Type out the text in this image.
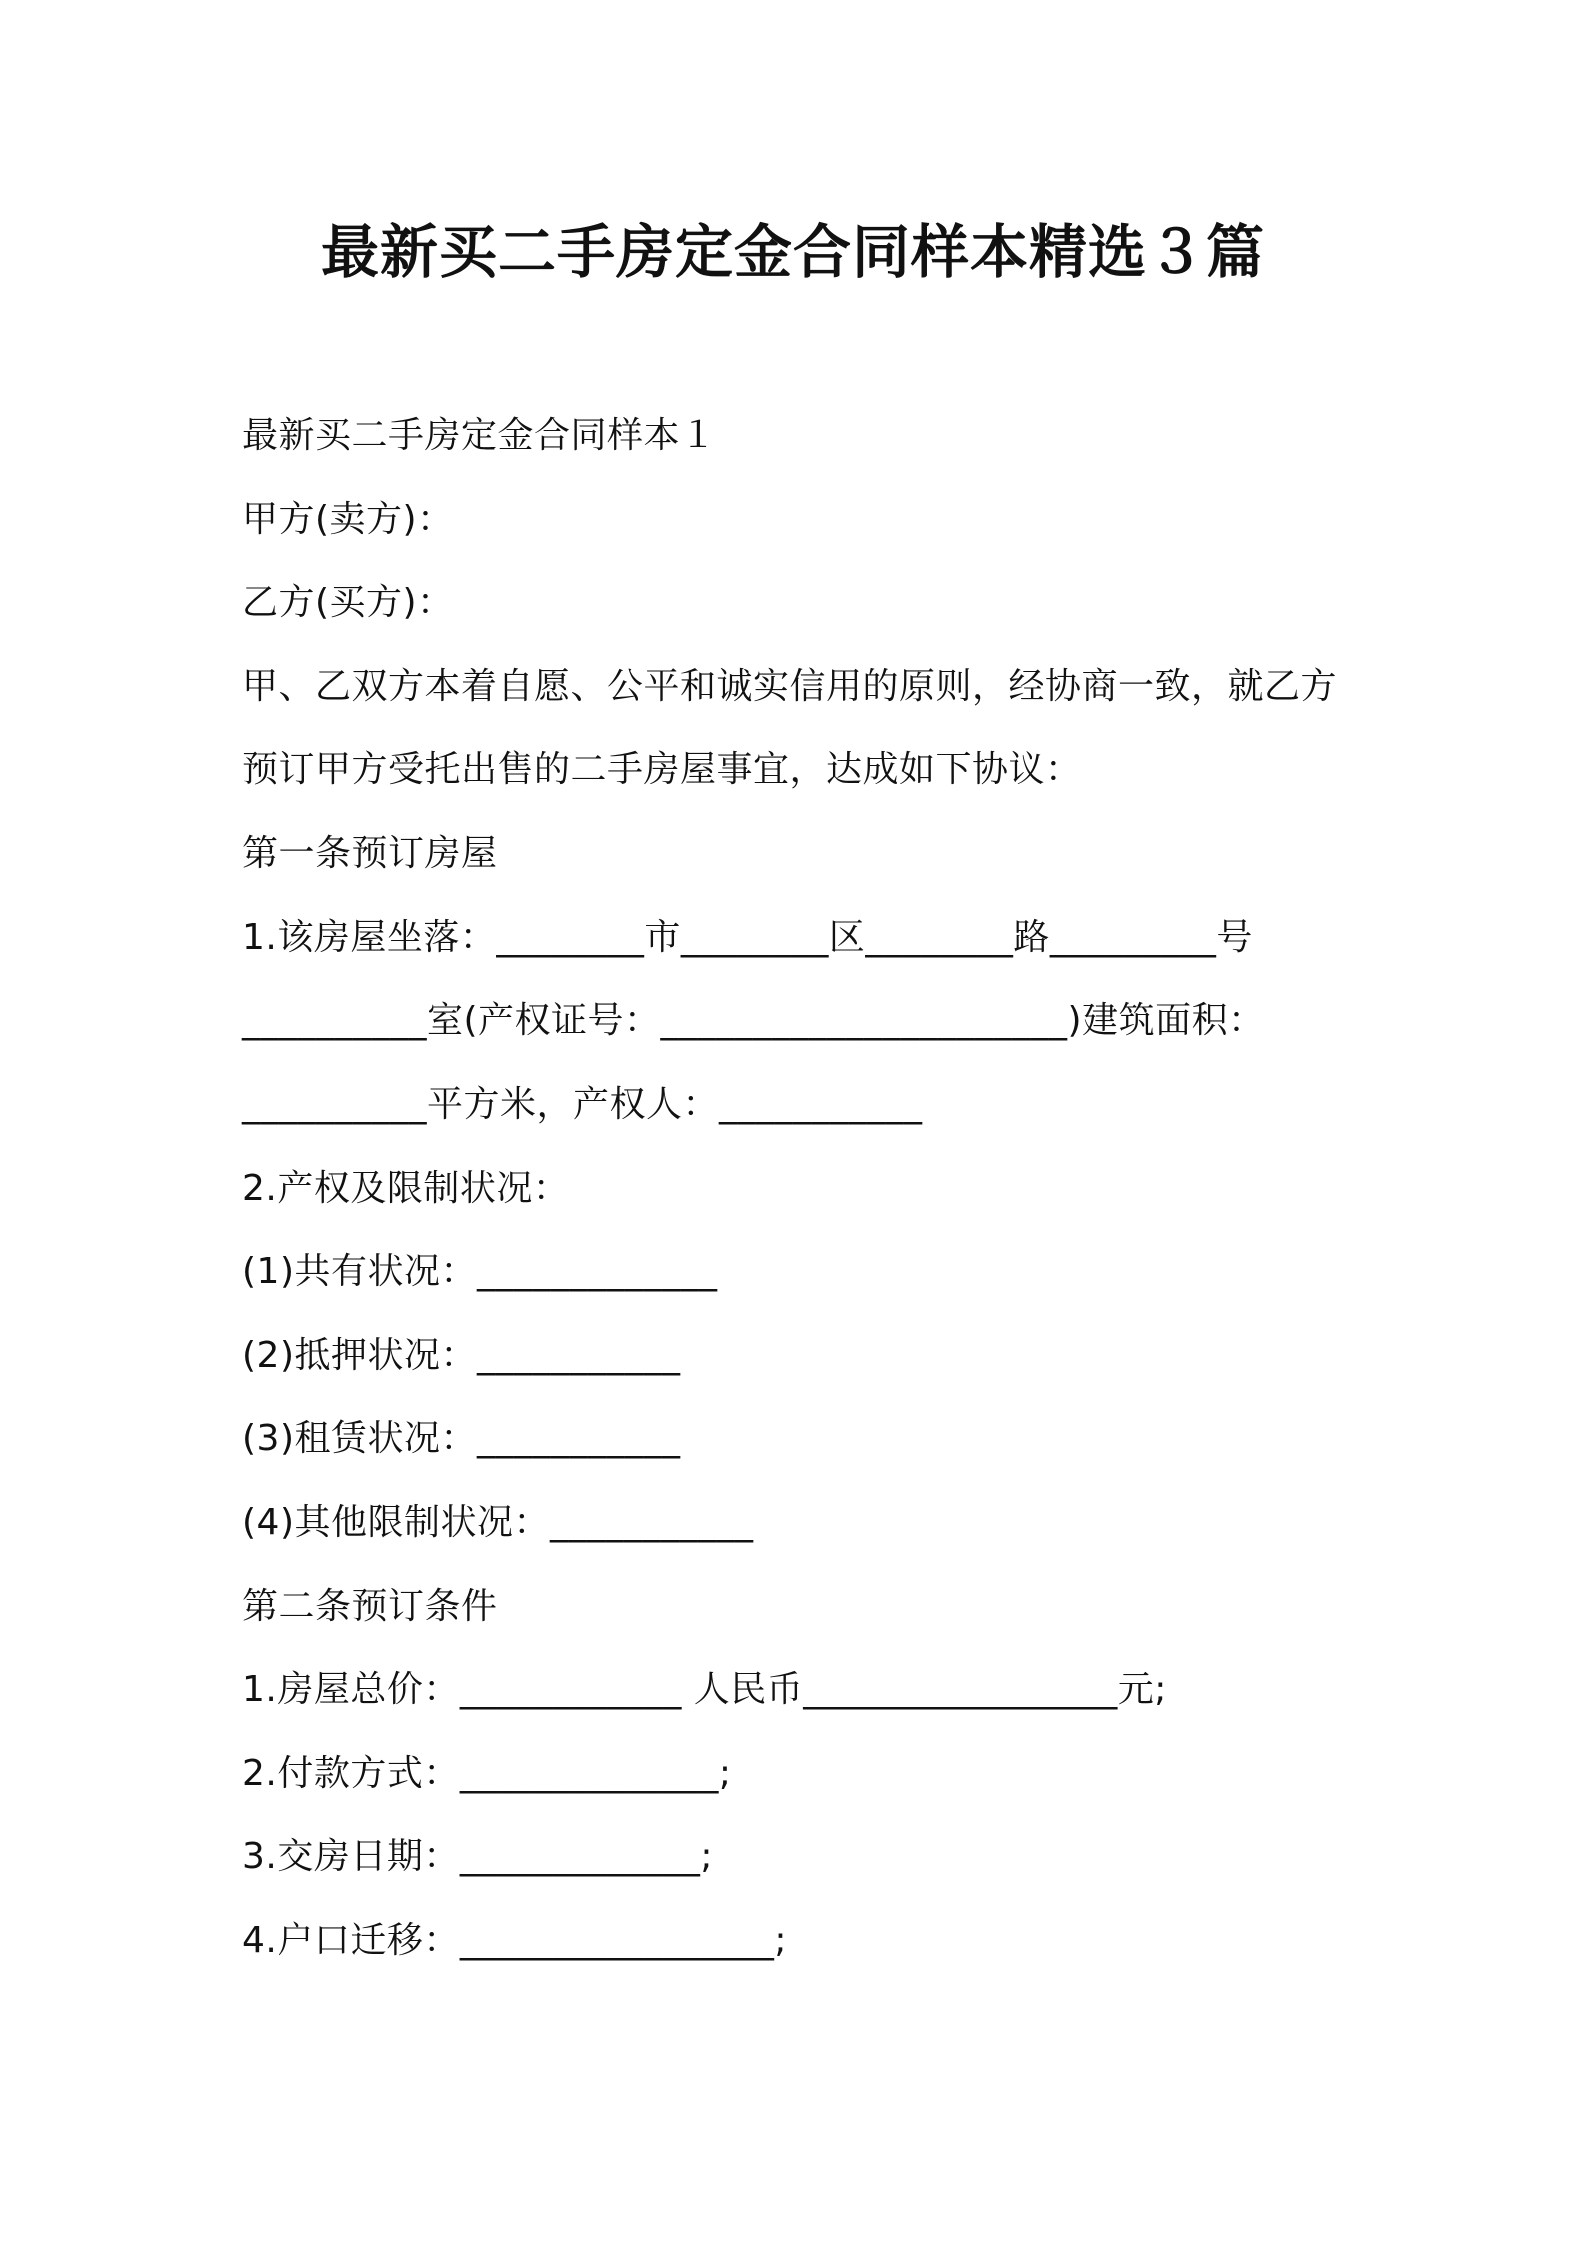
最新买二手房定金合同样本精选３篇
最新买二手房定金合同样本１
甲方(卖方)：
乙方(买方)：
甲、乙双方本着自愿、公平和诚实信用的原则，经协商一致，就乙方
预订甲方受托出售的二手房屋事宜，达成如下协议：
第一条预订房屋
1.该房屋坐落：________市________区________路_________号
__________室(产权证号：______________________)建筑面积：
__________平方米，产权人：___________
2.产权及限制状况：
(1)共有状况：_____________
(2)抵押状况：___________
(3)租赁状况：___________
(4)其他限制状况：___________
第二条预订条件
1.房屋总价：____________ 人民币_________________元;
2.付款方式：______________;
3.交房日期：_____________;
4.户口迁移：_________________;
